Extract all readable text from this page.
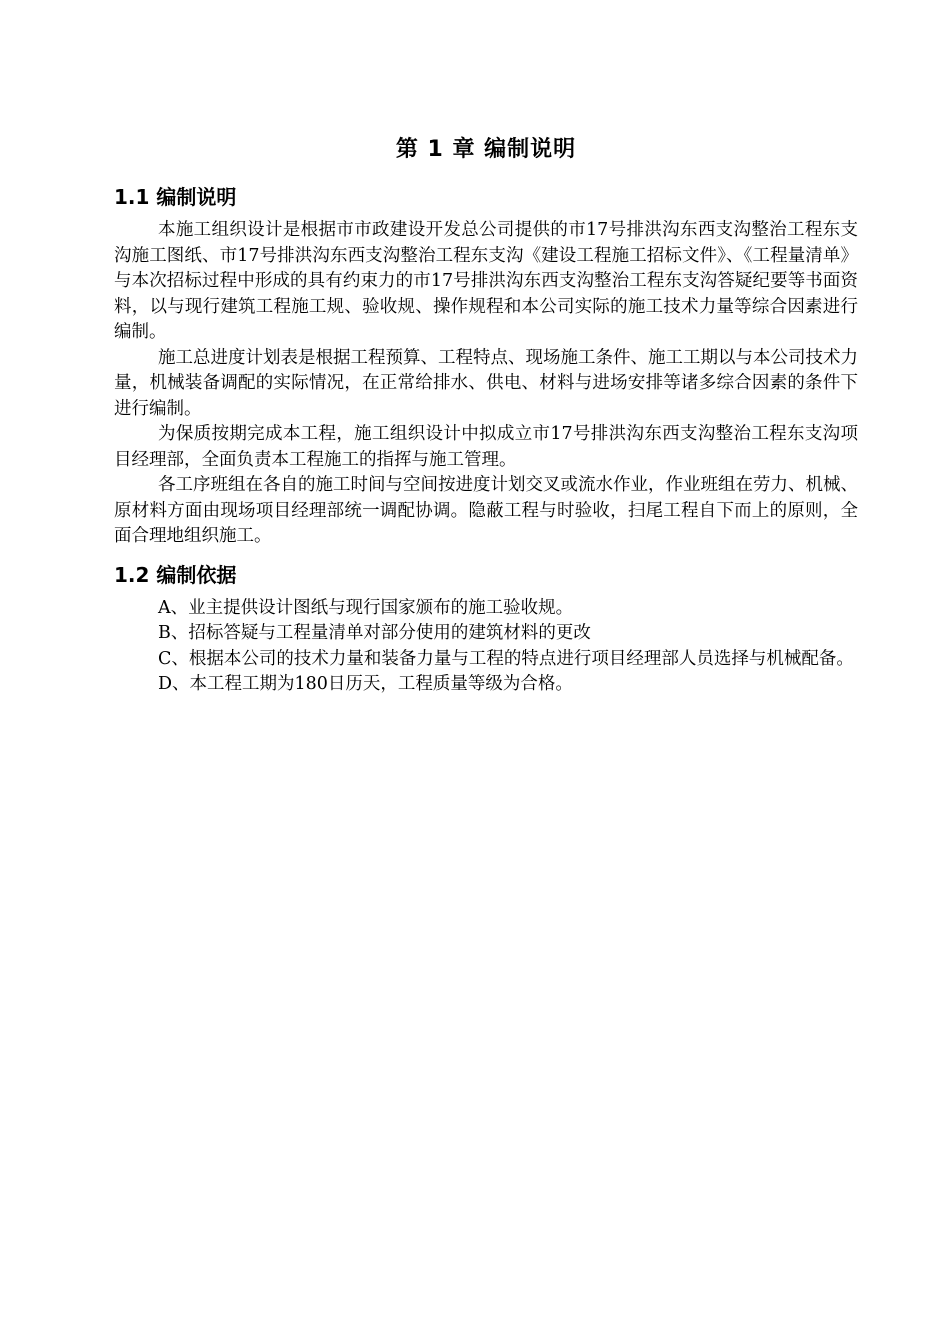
第 1 章 编制说明
1.1 编制说明

本施工组织设计是根据市市政建设开发总公司提供的市17号排洪沟东西支沟整治工程东支沟施工图纸、市17号排洪沟东西支沟整治工程东支沟《建设工程施工招标文件》、《工程量清单》与本次招标过程中形成的具有约束力的市17号排洪沟东西支沟整治工程东支沟答疑纪要等书面资料，以与现行建筑工程施工规、验收规、操作规程和本公司实际的施工技术力量等综合因素进行编制。

施工总进度计划表是根据工程预算、工程特点、现场施工条件、施工工期以与本公司技术力量，机械装备调配的实际情况，在正常给排水、供电、材料与进场安排等诸多综合因素的条件下进行编制。

为保质按期完成本工程，施工组织设计中拟成立市17号排洪沟东西支沟整治工程东支沟项目经理部，全面负责本工程施工的指挥与施工管理。

各工序班组在各自的施工时间与空间按进度计划交叉或流水作业，作业班组在劳力、机械、原材料方面由现场项目经理部统一调配协调。隐蔽工程与时验收，扫尾工程自下而上的原则，全面合理地组织施工。

1.2 编制依据

A、业主提供设计图纸与现行国家颁布的施工验收规。

B、招标答疑与工程量清单对部分使用的建筑材料的更改

C、根据本公司的技术力量和装备力量与工程的特点进行项目经理部人员选择与机械配备。

D、本工程工期为180日历天，工程质量等级为合格。
